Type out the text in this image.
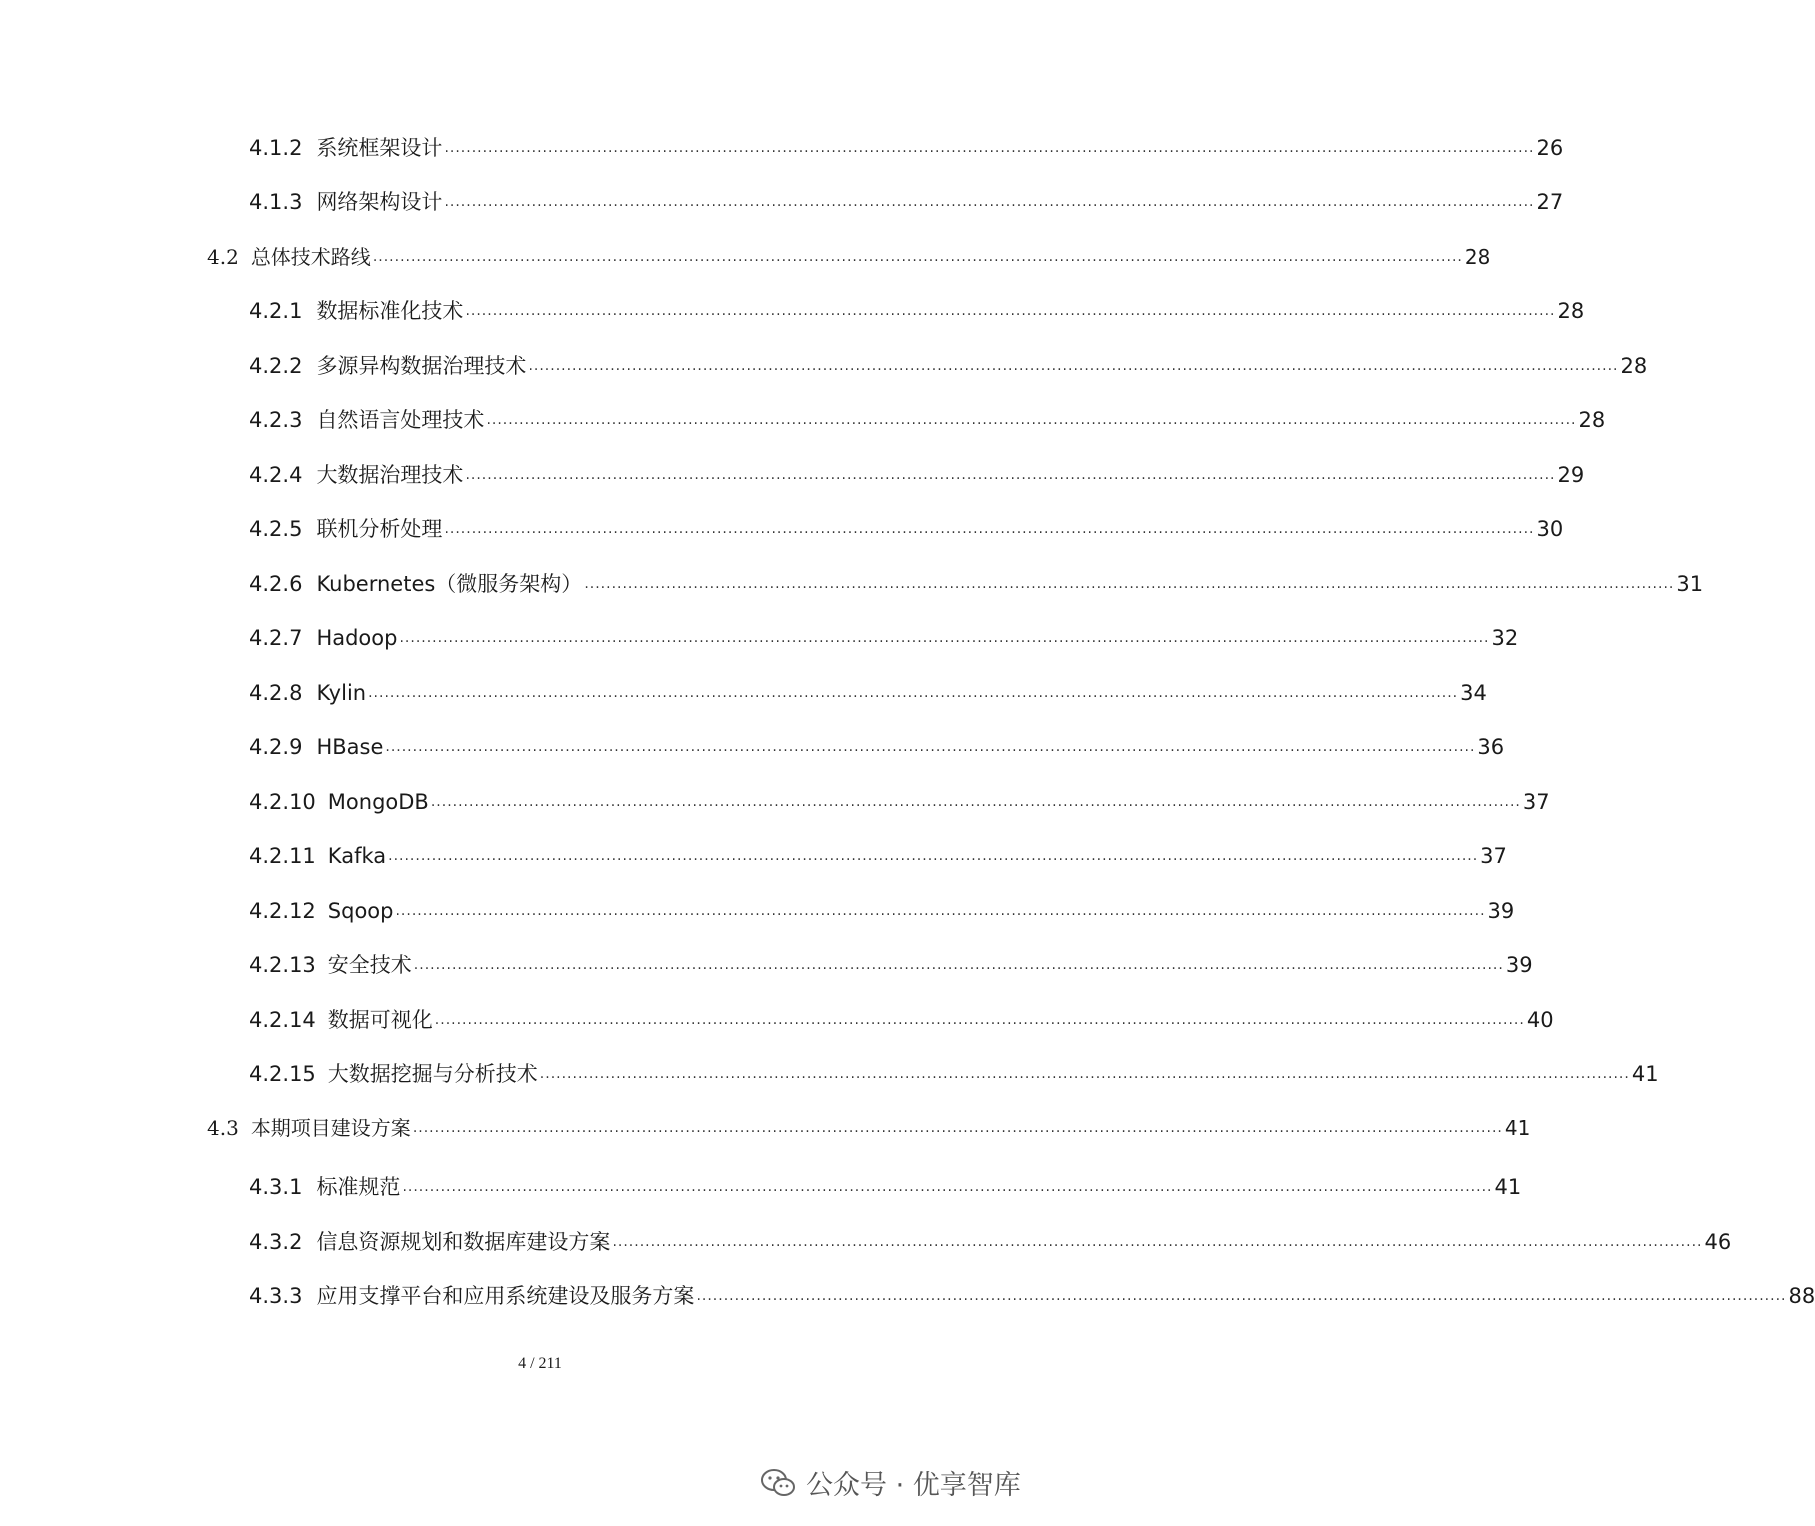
4.1.2 系统框架设计 ........................................................................................................................................................................................................ 26
4.1.3 网络架构设计 ........................................................................................................................................................................................................ 27
4.2 总体技术路线 ........................................................................................................................................................................................................ 28
4.2.1 数据标准化技术 ........................................................................................................................................................................................................ 28
4.2.2 多源异构数据治理技术 ........................................................................................................................................................................................................ 28
4.2.3 自然语言处理技术 ........................................................................................................................................................................................................ 28
4.2.4 大数据治理技术 ........................................................................................................................................................................................................ 29
4.2.5 联机分析处理 ........................................................................................................................................................................................................ 30
4.2.6 Kubernetes（微服务架构） ........................................................................................................................................................................................................ 31
4.2.7 Hadoop ........................................................................................................................................................................................................ 32
4.2.8 Kylin ........................................................................................................................................................................................................ 34
4.2.9 HBase ........................................................................................................................................................................................................ 36
4.2.10 MongoDB ........................................................................................................................................................................................................ 37
4.2.11 Kafka ........................................................................................................................................................................................................ 37
4.2.12 Sqoop ........................................................................................................................................................................................................ 39
4.2.13 安全技术 ........................................................................................................................................................................................................ 39
4.2.14 数据可视化 ........................................................................................................................................................................................................ 40
4.2.15 大数据挖掘与分析技术 ........................................................................................................................................................................................................ 41
4.3 本期项目建设方案 ........................................................................................................................................................................................................ 41
4.3.1 标准规范 ........................................................................................................................................................................................................ 41
4.3.2 信息资源规划和数据库建设方案 ........................................................................................................................................................................................................ 46
4.3.3 应用支撑平台和应用系统建设及服务方案 ........................................................................................................................................................................................................ 88
4 / 211
公众号 · 优享智库
